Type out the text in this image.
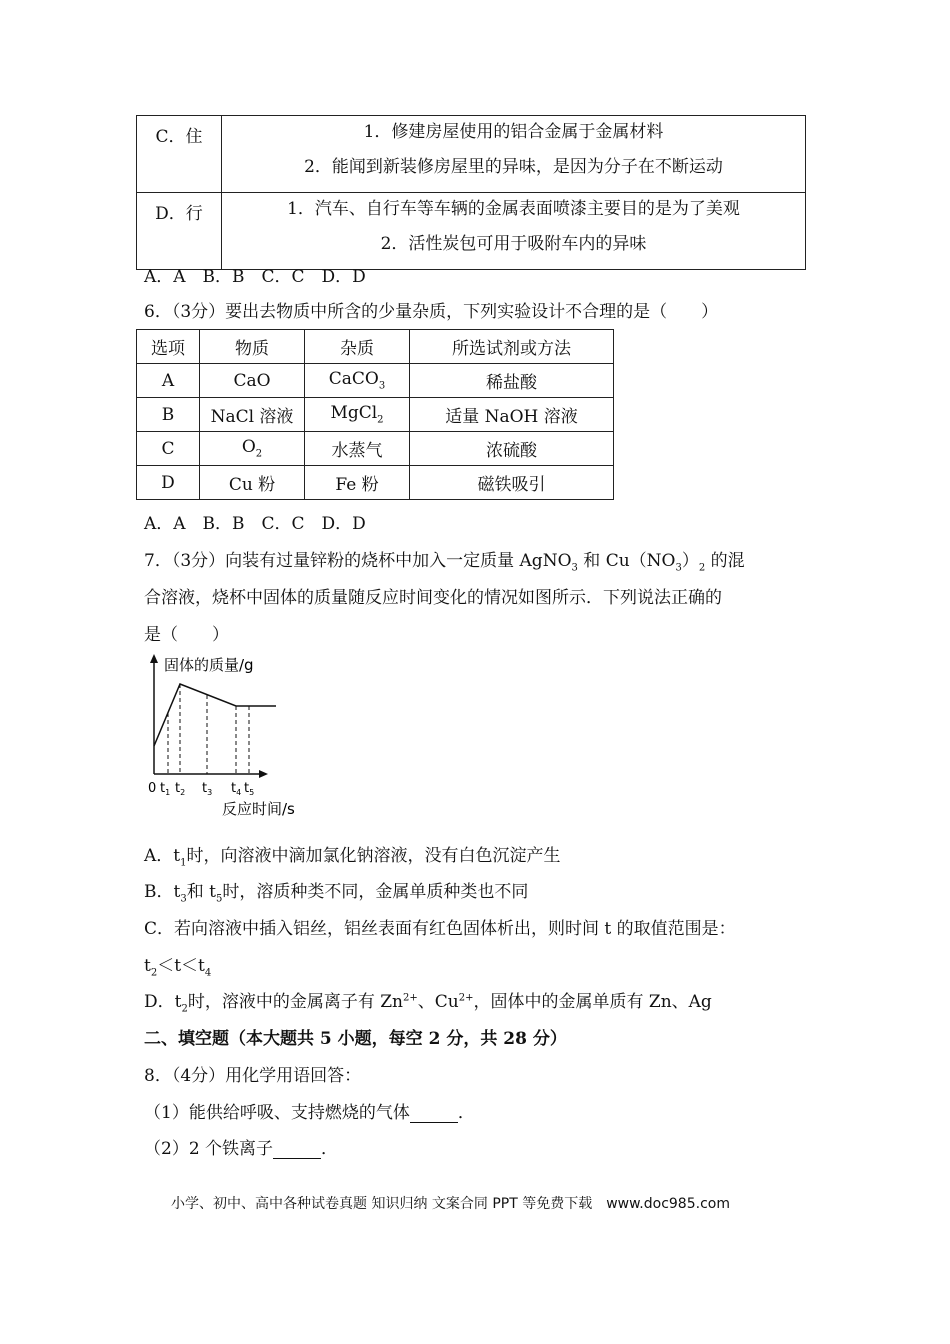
C．住	1．修建房屋使用的铝合金属于金属材料
2．能闻到新装修房屋里的异味，是因为分子在不断运动

D．行	1．汽车、自行车等车辆的金属表面喷漆主要目的是为了美观
2．活性炭包可用于吸附车内的异味
A．A　B．B　C．C　D．D
6．（3分）要出去物质中所含的少量杂质，下列实验设计不合理的是（　　）
选项	物质	杂质	所选试剂或方法
A	CaO	CaCO$_3$	稀盐酸
B	NaCl 溶液	MgCl$_2$	适量 NaOH 溶液
C	$O_2$	水蒸气	浓硫酸
D	Cu 粉	Fe 粉	磁铁吸引
A．A　B．B　C．C　D．D
7．（3分）向装有过量锌粉的烧杯中加入一定质量 AgNO$_3$ 和 $Cu(NO_3)_2$ 的混
合溶液，烧杯中固体的质量随反应时间变化的情况如图所示．下列说法正确的
是（　　）
固体的质量/g
0 $t_1$ $t_2$ $t_3$ $t_4$ $t_5$
反应时间/s
A．$t_1$时，向溶液中滴加氯化钠溶液，没有白色沉淀产生
B．$t_3$和 $t_5$时，溶质种类不同，金属单质种类也不同
C．若向溶液中插入铝丝，铝丝表面有红色固体析出，则时间 t 的取值范围是：
$t_2<t<t_4$
D．$t_2$时，溶液中的金属离子有 $Zn^{2+}$、$Cu^{2+}$，固体中的金属单质有 Zn、Ag
二、填空题（本大题共 5 小题，每空 2 分，共 28 分）
8．（4分）用化学用语回答：
（1）能供给呼吸、支持燃烧的气体	．
（2）2 个铁离子	．
小学、初中、高中各种试卷真题 知识归纳 文案合同 PPT 等免费下载　www.doc985.com
